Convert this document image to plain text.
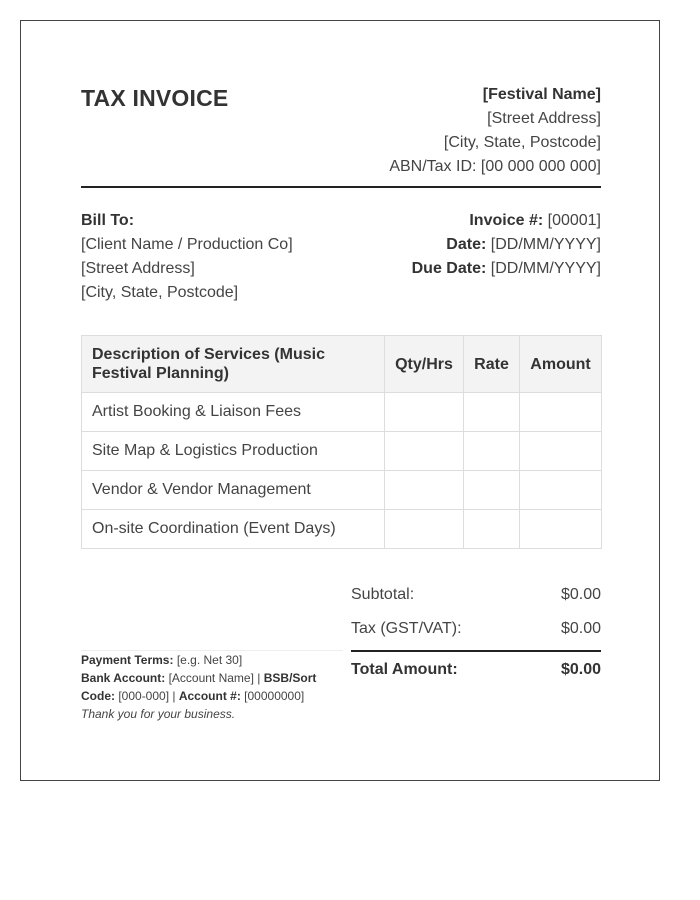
TAX INVOICE	[Festival Name]
[Street Address]
[City, State, Postcode]
ABN/Tax ID: [00 000 000 000]
Bill To:
[Client Name / Production Co]
[Street Address]
[City, State, Postcode]
Invoice #: [00001]
Date: [DD/MM/YYYY]
Due Date: [DD/MM/YYYY]
Description of Services (Music Festival Planning)	Qty/Hrs	Rate	Amount
Artist Booking & Liaison Fees			
Site Map & Logistics Production			
Vendor & Vendor Management			
On-site Coordination (Event Days)			
Subtotal:	$0.00
Tax (GST/VAT):	$0.00
Total Amount:	$0.00
Payment Terms: [e.g. Net 30]
Bank Account: [Account Name] | BSB/Sort Code: [000-000] | Account #: [00000000]
Thank you for your business.
